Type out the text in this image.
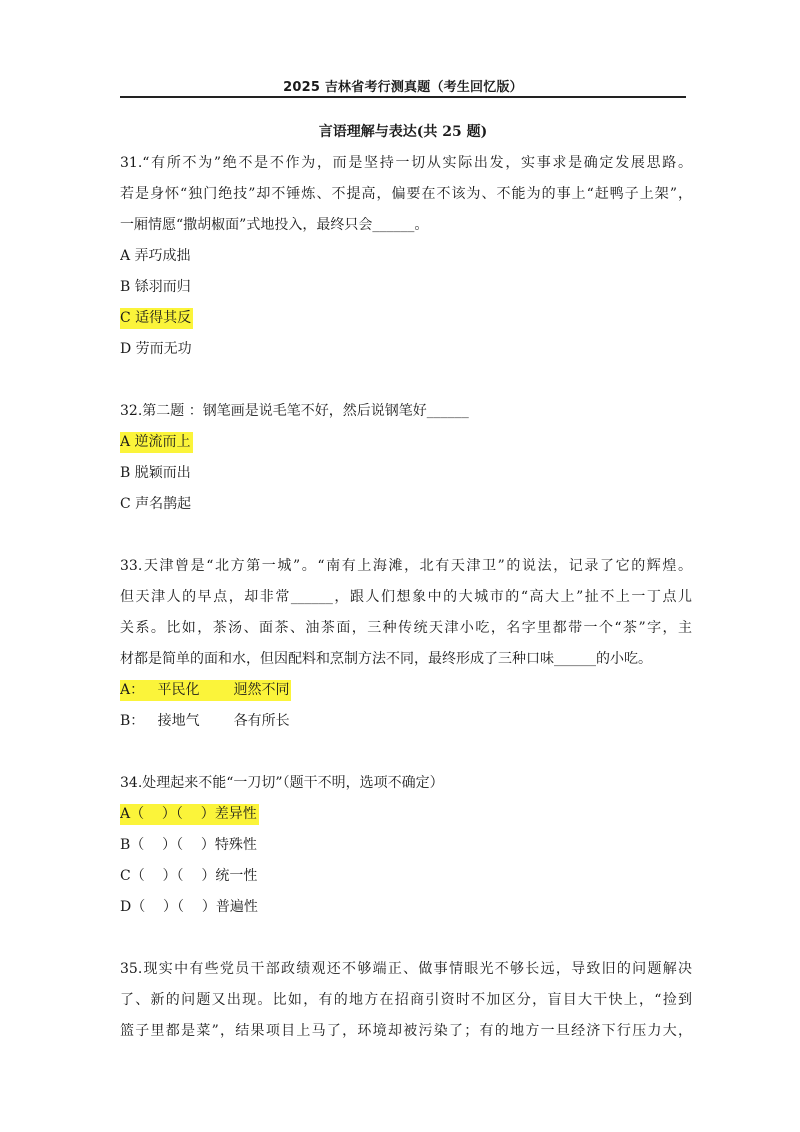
2025 吉林省考行测真题（考生回忆版）
言语理解与表达(共 25 题)
31.“有所不为”绝不是不作为，而是坚持一切从实际出发，实事求是确定发展思路。
若是身怀“独门绝技”却不锤炼、不提高，偏要在不该为、不能为的事上“赶鸭子上架”，
一厢情愿“撒胡椒面”式地投入，最终只会______。
A 弄巧成拙
B 铩羽而归
C 适得其反
D 劳而无功
32.第二题 ：钢笔画是说毛笔不好，然后说钢笔好______
A 逆流而上
B 脱颖而出
C 声名鹊起
33.天津曾是“北方第一城”。“南有上海滩，北有天津卫”的说法，记录了它的辉煌。
但天津人的早点，却非常______，跟人们想象中的大城市的“高大上”扯不上一丁点儿
关系。比如，茶汤、面茶、油茶面，三种传统天津小吃，名字里都带一个“茶”字，主
材都是简单的面和水，但因配料和烹制方法不同，最终形成了三种口味______的小吃。
A： 平民化 迥然不同
B： 接地气 各有所长
34.处理起来不能“一刀切”（题干不明，选项不确定）
A（    ）（    ）差异性
B（    ）（    ）特殊性
C（    ）（    ）统一性
D（    ）（    ）普遍性
35.现实中有些党员干部政绩观还不够端正、做事情眼光不够长远，导致旧的问题解决
了、新的问题又出现。比如，有的地方在招商引资时不加区分，盲目大干快上，“捡到
篮子里都是菜”，结果项目上马了，环境却被污染了；有的地方一旦经济下行压力大，
